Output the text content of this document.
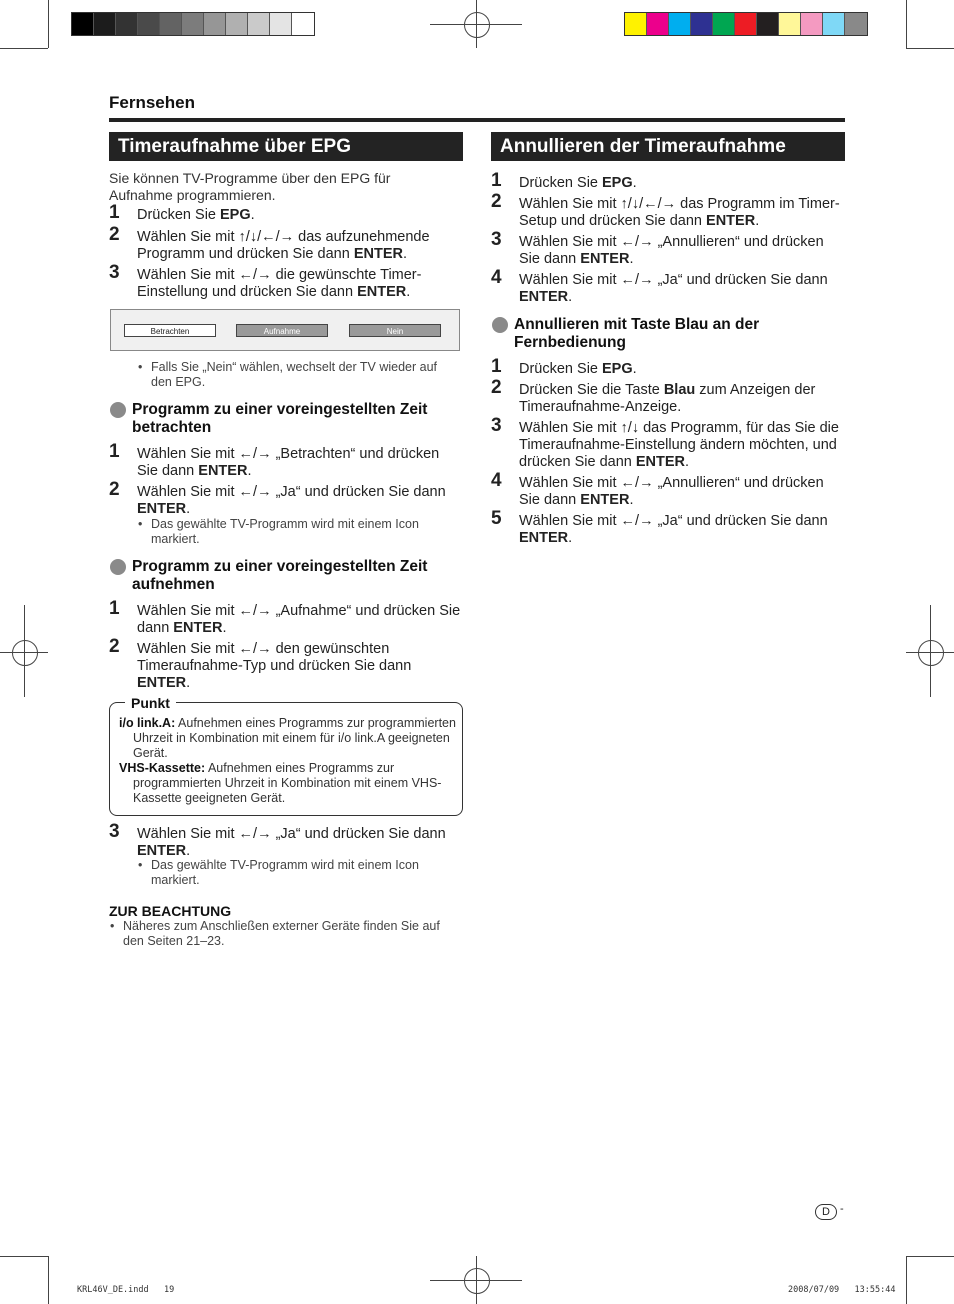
Fernsehen
Timeraufnahme über EPG
Sie können TV-Programme über den EPG für Aufnahme programmieren.
1 Drücken Sie EPG.
2 Wählen Sie mit ↑/↓/←/→ das aufzunehmende Programm und drücken Sie dann ENTER.
3 Wählen Sie mit ←/→ die gewünschte Timer-Einstellung und drücken Sie dann ENTER.
Betrachten	Aufnahme	Nein
• Falls Sie „Nein“ wählen, wechselt der TV wieder auf den EPG.
Programm zu einer voreingestellten Zeit betrachten
1 Wählen Sie mit ←/→ „Betrachten“ und drücken Sie dann ENTER.
2 Wählen Sie mit ←/→ „Ja“ und drücken Sie dann ENTER.
• Das gewählte TV-Programm wird mit einem Icon markiert.
Programm zu einer voreingestellten Zeit aufnehmen
1 Wählen Sie mit ←/→ „Aufnahme“ und drücken Sie dann ENTER.
2 Wählen Sie mit ←/→ den gewünschten Timeraufnahme-Typ und drücken Sie dann ENTER.
Punkt
i/o link.A: Aufnehmen eines Programms zur programmierten Uhrzeit in Kombination mit einem für i/o link.A geeigneten Gerät.
VHS-Kassette: Aufnehmen eines Programms zur programmierten Uhrzeit in Kombination mit einem VHS-Kassette geeigneten Gerät.
3 Wählen Sie mit ←/→ „Ja“ und drücken Sie dann ENTER.
• Das gewählte TV-Programm wird mit einem Icon markiert.
ZUR BEACHTUNG
• Näheres zum Anschließen externer Geräte finden Sie auf den Seiten 21–23.
Annullieren der Timeraufnahme
1 Drücken Sie EPG.
2 Wählen Sie mit ↑/↓/←/→ das Programm im Timer-Setup und drücken Sie dann ENTER.
3 Wählen Sie mit ←/→ „Annullieren“ und drücken Sie dann ENTER.
4 Wählen Sie mit ←/→ „Ja“ und drücken Sie dann ENTER.
Annullieren mit Taste Blau an der Fernbedienung
1 Drücken Sie EPG.
2 Drücken Sie die Taste Blau zum Anzeigen der Timeraufnahme-Anzeige.
3 Wählen Sie mit ↑/↓ das Programm, für das Sie die Timeraufnahme-Einstellung ändern möchten, und drücken Sie dann ENTER.
4 Wählen Sie mit ←/→ „Annullieren“ und drücken Sie dann ENTER.
5 Wählen Sie mit ←/→ „Ja“ und drücken Sie dann ENTER.
D -
KRL46V_DE.indd   19	2008/07/09   13:55:44
